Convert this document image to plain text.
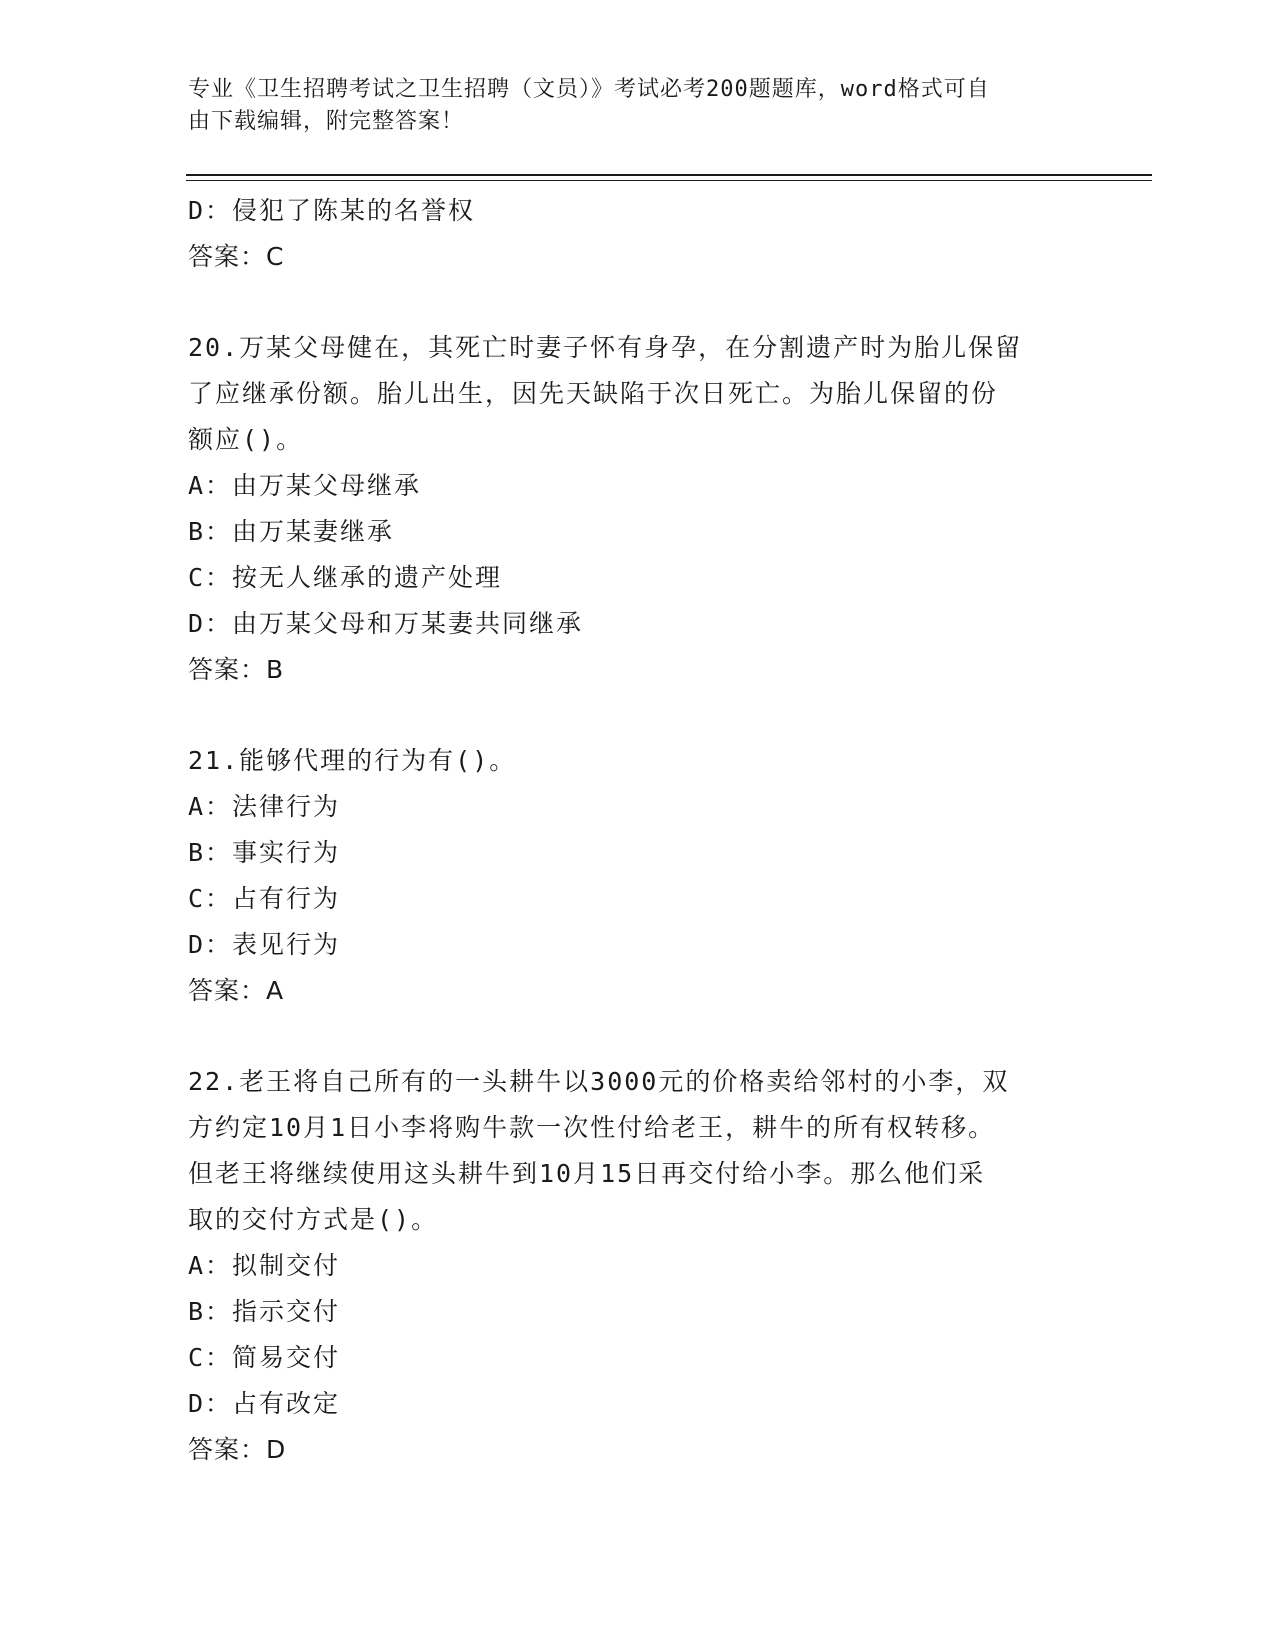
专业《卫生招聘考试之卫生招聘（文员）》考试必考200题题库，word格式可自
由下载编辑，附完整答案！
D：侵犯了陈某的名誉权
答案：C
20.万某父母健在，其死亡时妻子怀有身孕，在分割遗产时为胎儿保留
了应继承份额。胎儿出生，因先天缺陷于次日死亡。为胎儿保留的份
额应()。
A：由万某父母继承
B：由万某妻继承
C：按无人继承的遗产处理
D：由万某父母和万某妻共同继承
答案：B
21.能够代理的行为有()。
A：法律行为
B：事实行为
C：占有行为
D：表见行为
答案：A
22.老王将自己所有的一头耕牛以3000元的价格卖给邻村的小李，双
方约定10月1日小李将购牛款一次性付给老王，耕牛的所有权转移。
但老王将继续使用这头耕牛到10月15日再交付给小李。那么他们采
取的交付方式是()。
A：拟制交付
B：指示交付
C：简易交付
D：占有改定
答案：D
